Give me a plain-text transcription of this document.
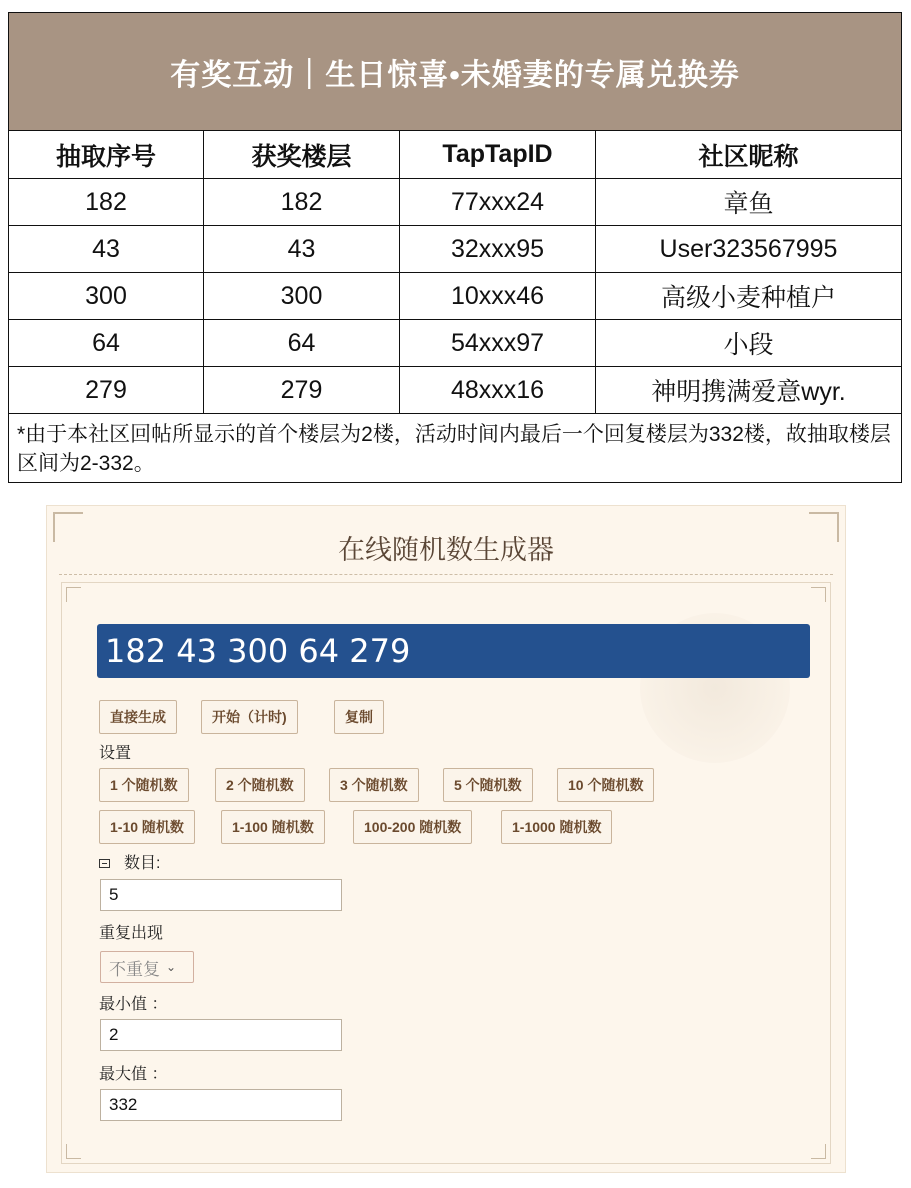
有奖互动｜生日惊喜•未婚妻的专属兑换券
抽取序号	获奖楼层	TapTapID	社区昵称
182	182	77xxx24	章鱼
43	43	32xxx95	User323567995
300	300	10xxx46	高级小麦种植户
64	64	54xxx97	小段
279	279	48xxx16	神明携满爱意wyr.
*由于本社区回帖所显示的首个楼层为2楼，活动时间内最后一个回复楼层为332楼，故抽取楼层区间为2-332。
在线随机数生成器
182 43 300 64 279
直接生成	开始（计时)	复制
设置
1 个随机数	2 个随机数	3 个随机数	5 个随机数	10 个随机数
1-10 随机数	1-100 随机数	100-200 随机数	1-1000 随机数
数目:
5
重复出现
不重复 ⌄
最小值 ：
2
最大值 ：
332
